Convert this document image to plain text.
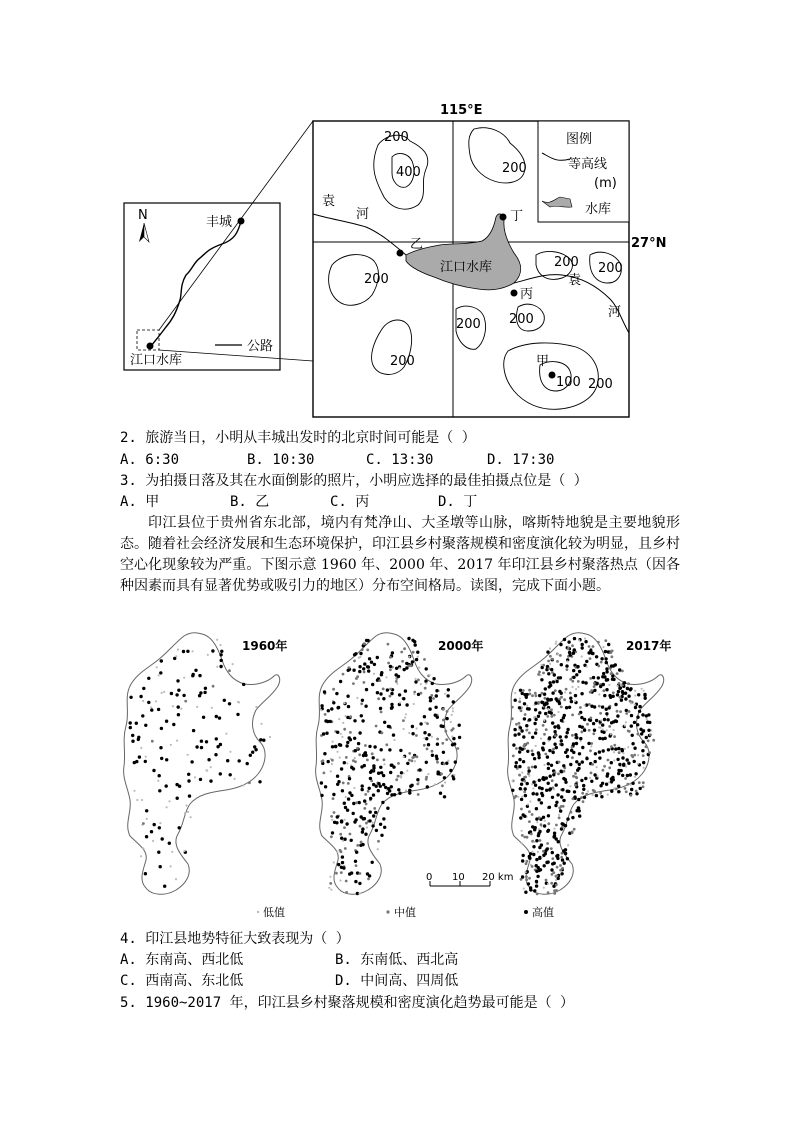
N	丰城
江口水库
公路
115°E
27°N
图例
等高线
(m)
水库
江口水库
袁
河
袁
河
200
400	200
200
200 200
200 200
200
100 200
甲
乙
丙
丁
2. 旅游当日，小明从丰城出发时的北京时间可能是（ ）
A. 6:30	B. 10:30	C. 13:30	D. 17:30
3. 为拍摄日落及其在水面倒影的照片，小明应选择的最佳拍摄点位是（ ）
A. 甲	B. 乙	C. 丙	D. 丁
印江县位于贵州省东北部，境内有梵净山、大圣墩等山脉，喀斯特地貌是主要地貌形态。随着社会经济发展和生态环境保护，印江县乡村聚落规模和密度演化较为明显，且乡村空心化现象较为严重。下图示意 1960 年、2000 年、2017 年印江县乡村聚落热点（因各种因素而具有显著优势或吸引力的地区）分布空间格局。读图，完成下面小题。
1960年	2000年	2017年
0 10 20 km
低值	中值	高值
4. 印江县地势特征大致表现为（ ）
A. 东南高、西北低	B. 东南低、西北高
C. 西南高、东北低	D. 中间高、四周低
5. 1960~2017 年，印江县乡村聚落规模和密度演化趋势最可能是（ ）
